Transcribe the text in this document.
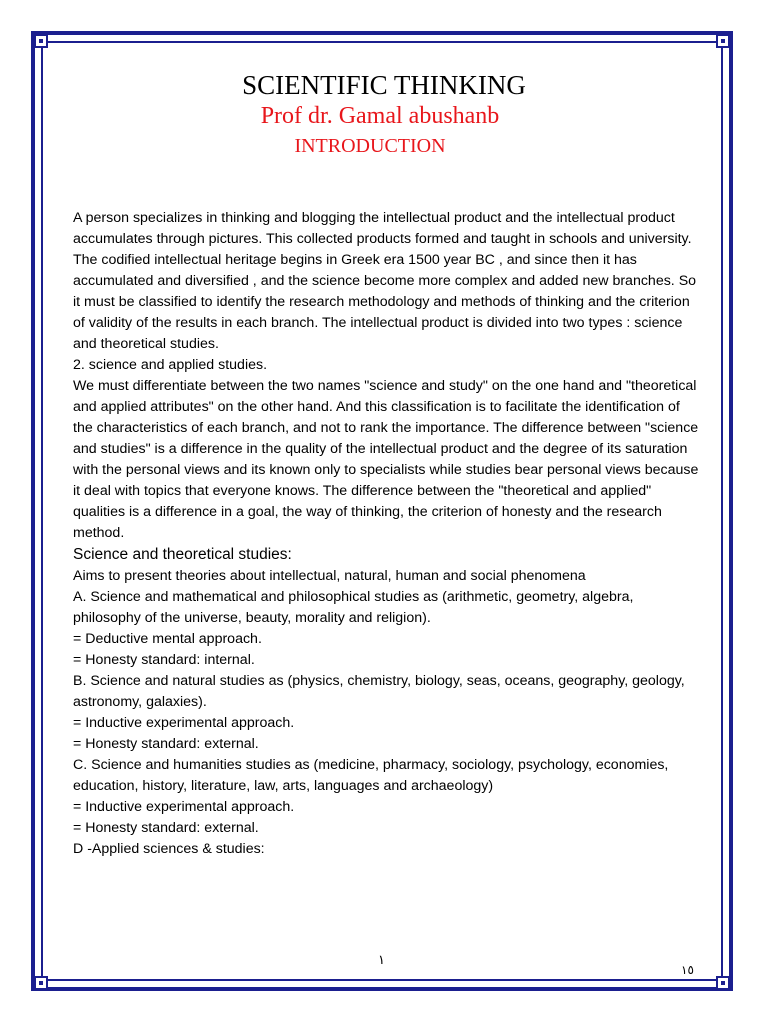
SCIENTIFIC THINKING
Prof dr. Gamal abushanb
INTRODUCTION

A person specializes in thinking and blogging the intellectual product and the intellectual product accumulates through pictures. This collected products formed and taught in schools and university. The codified intellectual heritage begins in Greek era 1500 year BC , and since then it has accumulated and diversified , and the science become more complex and added new branches. So it must be classified to identify the research methodology and methods of thinking and the criterion of validity of the results in each branch. The intellectual product is divided into two types : science and theoretical studies.

2. science and applied studies.

We must differentiate between the two names "science and study" on the one hand and "theoretical and applied attributes" on the other hand. And this classification is to facilitate the identification of the characteristics of each branch, and not to rank the importance. The difference between "science and studies" is a difference in the quality of the intellectual product and the degree of its saturation with the personal views and its known only to specialists while studies bear personal views because it deal with topics that everyone knows. The difference between the "theoretical and applied" qualities is a difference in a goal, the way of thinking, the criterion of honesty and the research method.

Science and theoretical studies:

Aims to present theories about intellectual, natural, human and social phenomena

A. Science and mathematical and philosophical studies as (arithmetic, geometry, algebra, philosophy of the universe, beauty, morality and religion).

= Deductive mental approach.

= Honesty standard: internal.

B. Science and natural studies as (physics, chemistry, biology, seas, oceans, geography, geology, astronomy, galaxies).

= Inductive experimental approach.

= Honesty standard: external.

C. Science and humanities studies as (medicine, pharmacy, sociology, psychology, economies, education, history, literature, law, arts, languages and archaeology)

= Inductive experimental approach.

= Honesty standard: external.

D -Applied sciences & studies:

١
١٥
